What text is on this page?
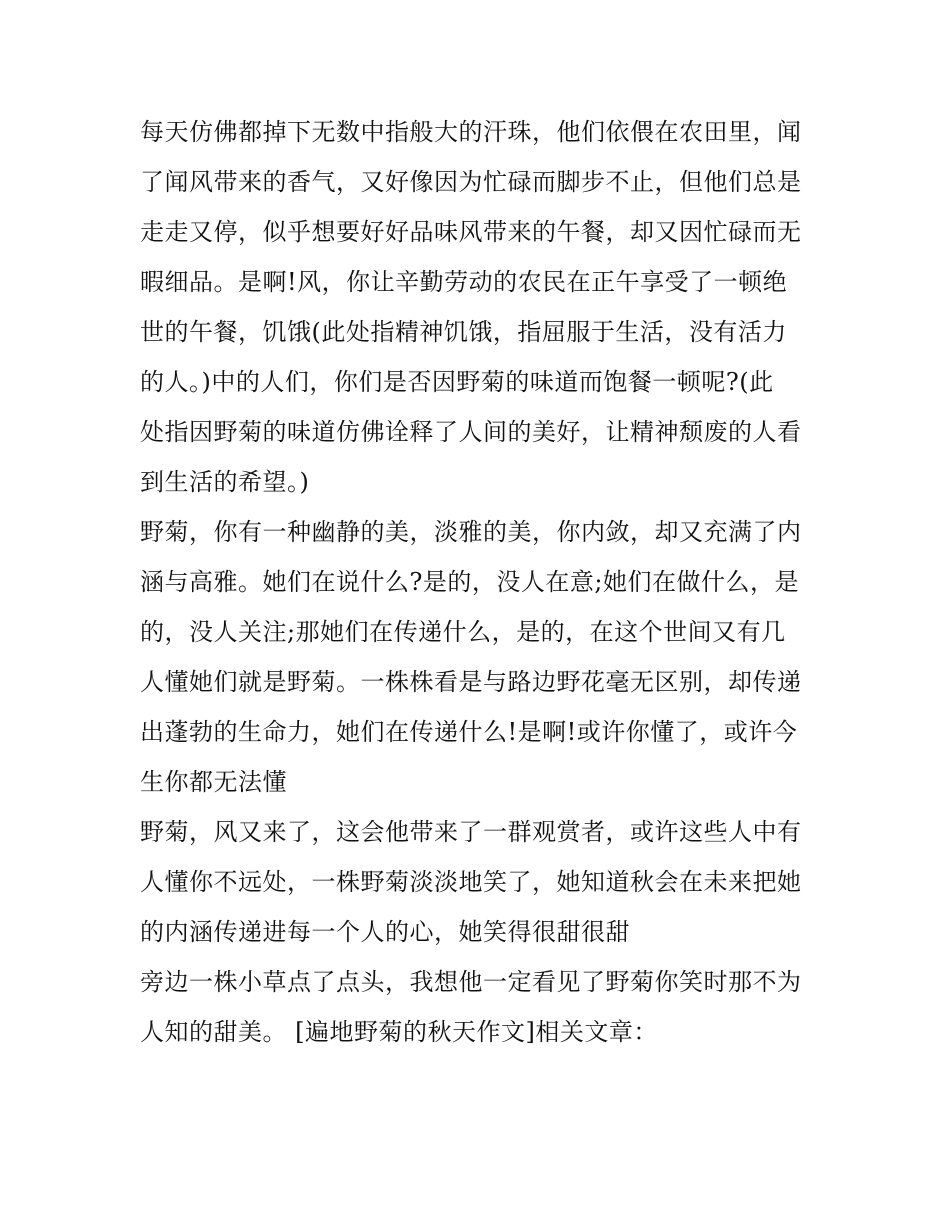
每天仿佛都掉下无数中指般大的汗珠，他们依偎在农田里，闻
了闻风带来的香气，又好像因为忙碌而脚步不止，但他们总是
走走又停，似乎想要好好品味风带来的午餐，却又因忙碌而无
暇细品。是啊!风，你让辛勤劳动的农民在正午享受了一顿绝
世的午餐，饥饿(此处指精神饥饿，指屈服于生活，没有活力
的人。)中的人们，你们是否因野菊的味道而饱餐一顿呢?(此
处指因野菊的味道仿佛诠释了人间的美好，让精神颓废的人看
到生活的希望。)
野菊，你有一种幽静的美，淡雅的美，你内敛，却又充满了内
涵与高雅。她们在说什么?是的，没人在意;她们在做什么，是
的，没人关注;那她们在传递什么，是的，在这个世间又有几
人懂她们就是野菊。一株株看是与路边野花毫无区别，却传递
出蓬勃的生命力，她们在传递什么!是啊!或许你懂了，或许今
生你都无法懂
野菊，风又来了，这会他带来了一群观赏者，或许这些人中有
人懂你不远处，一株野菊淡淡地笑了，她知道秋会在未来把她
的内涵传递进每一个人的心，她笑得很甜很甜
旁边一株小草点了点头，我想他一定看见了野菊你笑时那不为
人知的甜美。 [遍地野菊的秋天作文]相关文章：
